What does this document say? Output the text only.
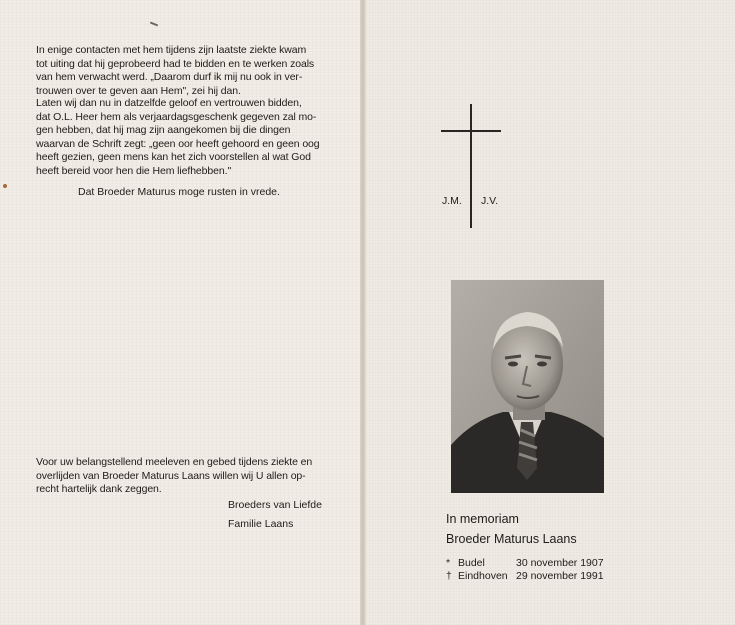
In enige contacten met hem tijdens zijn laatste ziekte kwam

tot uiting dat hij geprobeerd had te bidden en te werken zoals

van hem verwacht werd. „Daarom durf ik mij nu ook in ver-

trouwen over te geven aan Hem", zei hij dan.

Laten wij dan nu in datzelfde geloof en vertrouwen bidden,

dat O.L. Heer hem als verjaardagsgeschenk gegeven zal mo-

gen hebben, dat hij mag zijn aangekomen bij die dingen

waarvan de Schrift zegt: „geen oor heeft gehoord en geen oog

heeft gezien, geen mens kan het zich voorstellen al wat God

heeft bereid voor hen die Hem liefhebben."

Dat Broeder Maturus moge rusten in vrede.

Voor uw belangstellend meeleven en gebed tijdens ziekte en

overlijden van Broeder Maturus Laans willen wij U allen op-

recht hartelijk dank zeggen.

Broeders van Liefde
Familie Laans
J.M. J.V.
In memoriam
Broeder Maturus Laans
* Budel	30 november 1907
† Eindhoven 29 november 1991
